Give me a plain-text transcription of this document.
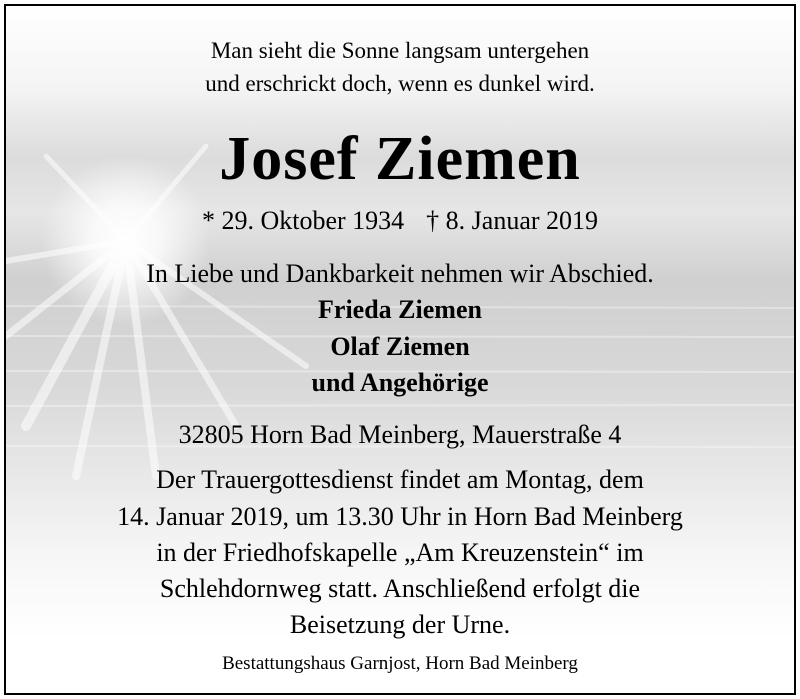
Man sieht die Sonne langsam untergehen
und erschrickt doch, wenn es dunkel wird.
Josef Ziemen
* 29. Oktober 1934 † 8. Januar 2019
In Liebe und Dankbarkeit nehmen wir Abschied.
Frieda Ziemen
Olaf Ziemen
und Angehörige
32805 Horn Bad Meinberg, Mauerstraße 4
Der Trauergottesdienst findet am Montag, dem
14. Januar 2019, um 13.30 Uhr in Horn Bad Meinberg
in der Friedhofskapelle „Am Kreuzenstein“ im
Schlehdornweg statt. Anschließend erfolgt die
Beisetzung der Urne.
Bestattungshaus Garnjost, Horn Bad Meinberg
